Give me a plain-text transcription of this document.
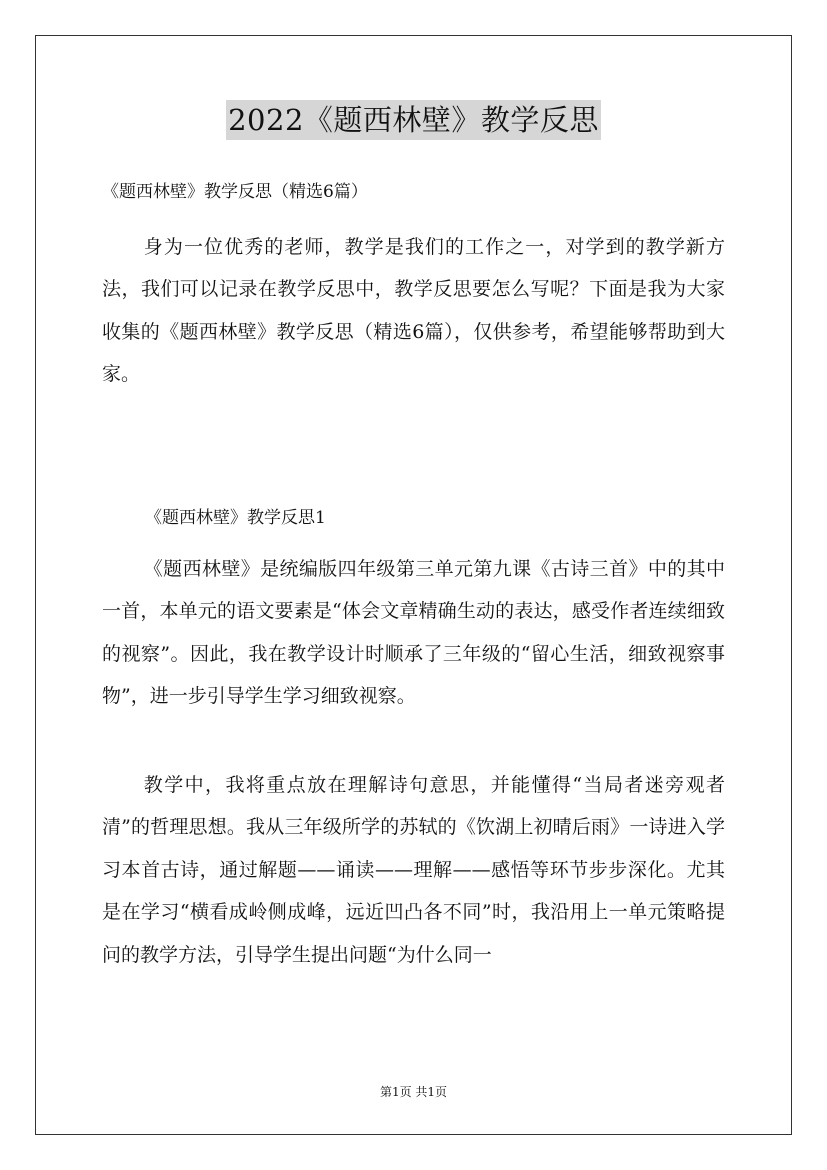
2022《题西林壁》教学反思
《题西林壁》教学反思（精选6篇）

身为一位优秀的老师，教学是我们的工作之一，对学到的教学新方法，我们可以记录在教学反思中，教学反思要怎么写呢？下面是我为大家收集的《题西林壁》教学反思（精选6篇），仅供参考，希望能够帮助到大家。

《题西林壁》教学反思1

《题西林壁》是统编版四年级第三单元第九课《古诗三首》中的其中一首，本单元的语文要素是“体会文章精确生动的表达，感受作者连续细致的视察”。因此，我在教学设计时顺承了三年级的“留心生活，细致视察事物”，进一步引导学生学习细致视察。

教学中，我将重点放在理解诗句意思，并能懂得“当局者迷旁观者清”的哲理思想。我从三年级所学的苏轼的《饮湖上初晴后雨》一诗进入学习本首古诗，通过解题——诵读——理解——感悟等环节步步深化。尤其是在学习“横看成岭侧成峰，远近凹凸各不同”时，我沿用上一单元策略提问的教学方法，引导学生提出问题“为什么同一

第1页 共1页
